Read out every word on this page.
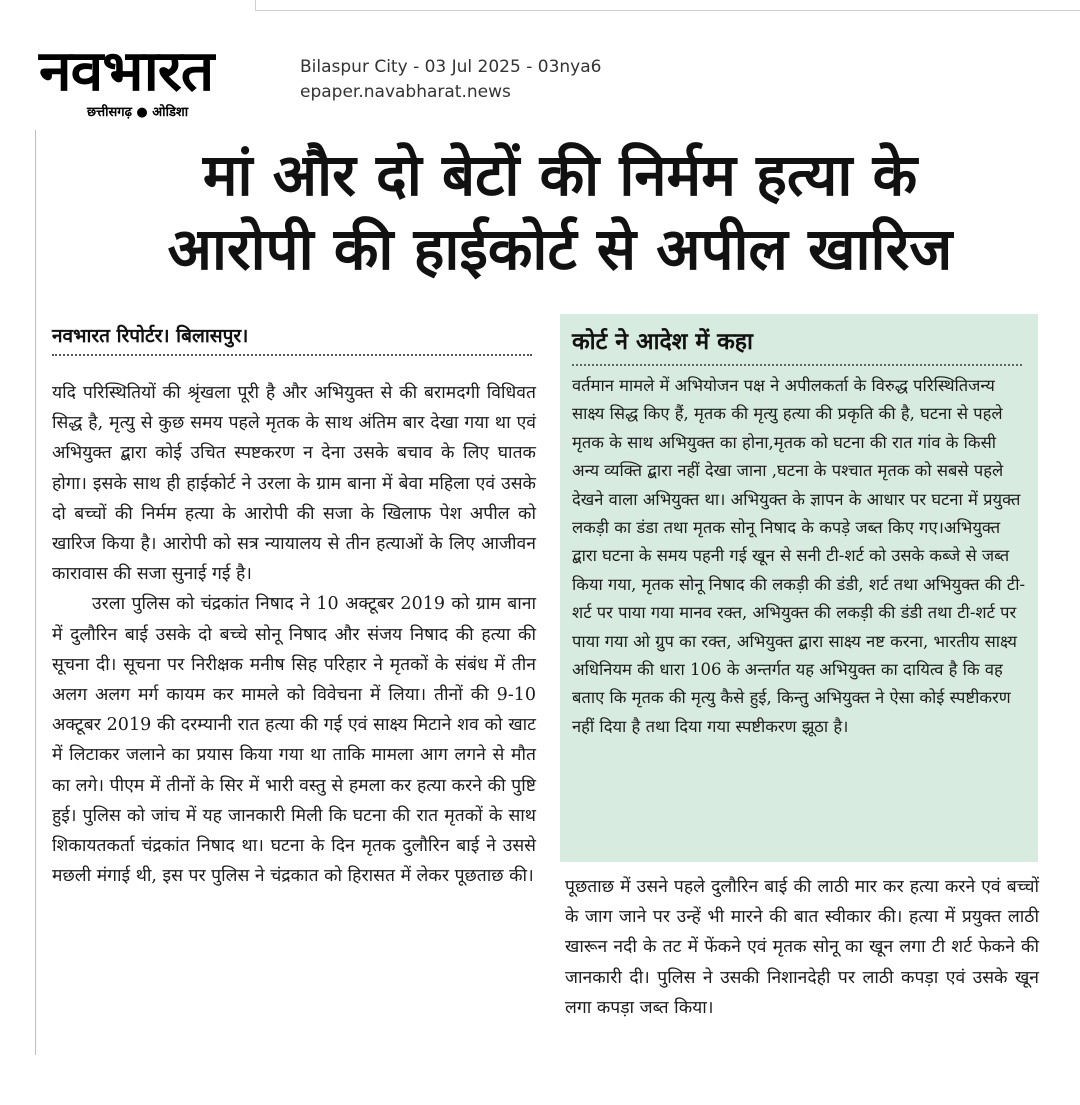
नवभारत
छत्तीसगढ़ ● ओडिशा
Bilaspur City - 03 Jul 2025 - 03nya6
epaper.navabharat.news
मां और दो बेटों की निर्मम हत्या के
आरोपी की हाईकोर्ट से अपील खारिज
नवभारत रिपोर्टर। बिलासपुर।

यदि परिस्थितियों की श्रृंखला पूरी है और अभियुक्त से की बरामदगी विधिवत सिद्ध है, मृत्यु से कुछ समय पहले मृतक के साथ अंतिम बार देखा गया था एवं अभियुक्त द्बारा कोई उचित स्पष्टकरण न देना उसके बचाव के लिए घातक होगा। इसके साथ ही हाईकोर्ट ने उरला के ग्राम बाना में बेवा महिला एवं उसके दो बच्चों की निर्मम हत्या के आरोपी की सजा के खिलाफ पेश अपील को खारिज किया है। आरोपी को सत्र न्यायालय से तीन हत्याओं के लिए आजीवन कारावास की सजा सुनाई गई है।

उरला पुलिस को चंद्रकांत निषाद ने 10 अक्टूबर 2019 को ग्राम बाना में दुलौरिन बाई उसके दो बच्चे सोनू निषाद और संजय निषाद की हत्या की सूचना दी। सूचना पर निरीक्षक मनीष सिह परिहार ने मृतकों के संबंध में तीन अलग अलग मर्ग कायम कर मामले को विवेचना में लिया। तीनों की 9-10 अक्टूबर 2019 की दरम्यानी रात हत्या की गई एवं साक्ष्य मिटाने शव को खाट में लिटाकर जलाने का प्रयास किया गया था ताकि मामला आग लगने से मौत का लगे। पीएम में तीनों के सिर में भारी वस्तु से हमला कर हत्या करने की पुष्टि हुई। पुलिस को जांच में यह जानकारी मिली कि घटना की रात मृतकों के साथ शिकायतकर्ता चंद्रकांत निषाद था। घटना के दिन मृतक दुलौरिन बाई ने उससे मछली मंगाई थी, इस पर पुलिस ने चंद्रकात को हिरासत में लेकर पूछताछ की।

कोर्ट ने आदेश में कहा
वर्तमान मामले में अभियोजन पक्ष ने अपीलकर्ता के विरुद्ध परिस्थितिजन्य साक्ष्य सिद्ध किए हैं, मृतक की मृत्यु हत्या की प्रकृति की है, घटना से पहले मृतक के साथ अभियुक्त का होना,मृतक को घटना की रात गांव के किसी अन्य व्यक्ति द्बारा नहीं देखा जाना ,घटना के पश्चात मृतक को सबसे पहले देखने वाला अभियुक्त था। अभियुक्त के ज्ञापन के आधार पर घटना में प्रयुक्त लकड़ी का डंडा तथा मृतक सोनू निषाद के कपड़े जब्त किए गए।अभियुक्त द्बारा घटना के समय पहनी गई खून से सनी टी-शर्ट को उसके कब्जे से जब्त किया गया, मृतक सोनू निषाद की लकड़ी की डंडी, शर्ट तथा अभियुक्त की टी-शर्ट पर पाया गया मानव रक्त, अभियुक्त की लकड़ी की डंडी तथा टी-शर्ट पर पाया गया ओ ग्रुप का रक्त, अभियुक्त द्बारा साक्ष्य नष्ट करना, भारतीय साक्ष्य अधिनियम की धारा 106 के अन्तर्गत यह अभियुक्त का दायित्व है कि वह बताए कि मृतक की मृत्यु कैसे हुई, किन्तु अभियुक्त ने ऐसा कोई स्पष्टीकरण नहीं दिया है तथा दिया गया स्पष्टीकरण झूठा है।
पूछताछ में उसने पहले दुलौरिन बाई की लाठी मार कर हत्या करने एवं बच्चों के जाग जाने पर उन्हें भी मारने की बात स्वीकार की। हत्या में प्रयुक्त लाठी खारून नदी के तट में फेंकने एवं मृतक सोनू का खून लगा टी शर्ट फेकने की जानकारी दी। पुलिस ने उसकी निशानदेही पर लाठी कपड़ा एवं उसके खून लगा कपड़ा जब्त किया।
